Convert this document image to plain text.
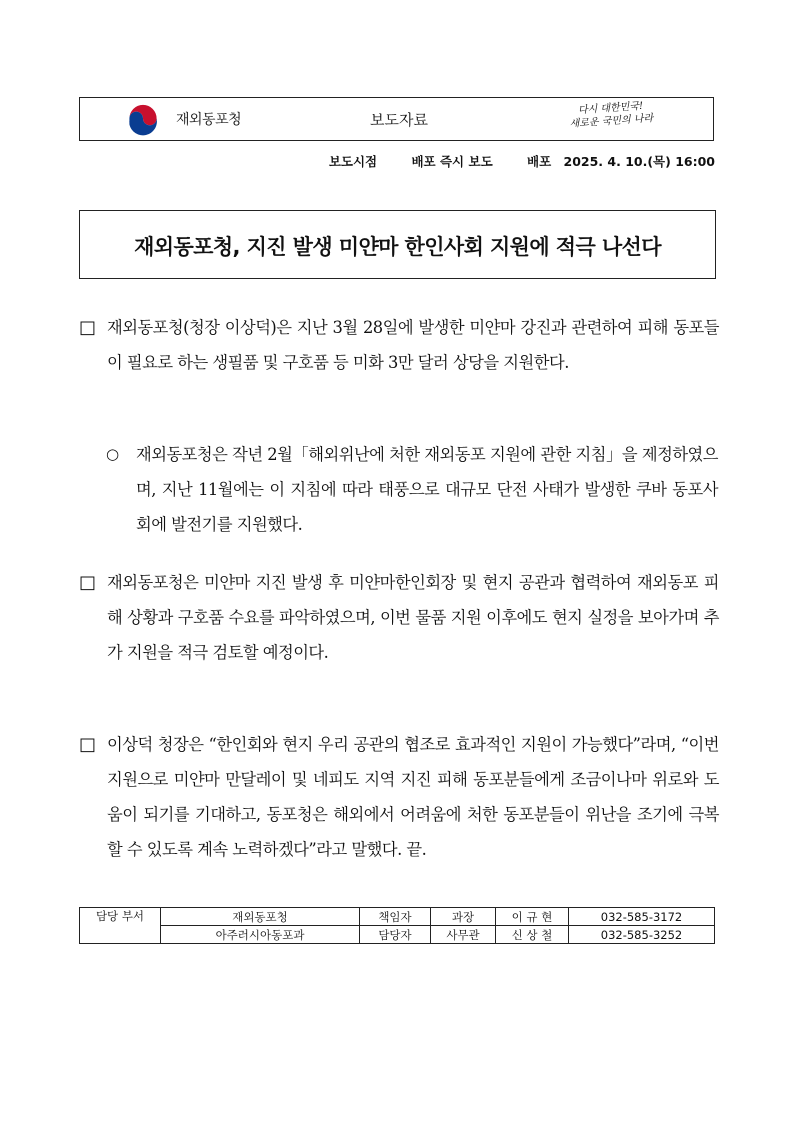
재외동포청	보도자료
다시 대한민국!
새로운 국민의 나라
보도시점	배포 즉시 보도	배포 2025. 4. 10.(목) 16:00
재외동포청, 지진 발생 미얀마 한인사회 지원에 적극 나선다
□ 재외동포청(청장 이상덕)은 지난 3월 28일에 발생한 미얀마 강진과 관련하여 피해 동포들이 필요로 하는 생필품 및 구호품 등 미화 3만 달러 상당을 지원한다.
○ 재외동포청은 작년 2월「해외위난에 처한 재외동포 지원에 관한 지침」을 제정하였으며, 지난 11월에는 이 지침에 따라 태풍으로 대규모 단전 사태가 발생한 쿠바 동포사회에 발전기를 지원했다.
□ 재외동포청은 미얀마 지진 발생 후 미얀마한인회장 및 현지 공관과 협력하여 재외동포 피해 상황과 구호품 수요를 파악하였으며, 이번 물품 지원 이후에도 현지 실정을 보아가며 추가 지원을 적극 검토할 예정이다.
□ 이상덕 청장은 “한인회와 현지 우리 공관의 협조로 효과적인 지원이 가능했다”라며, “이번 지원으로 미얀마 만달레이 및 네피도 지역 지진 피해 동포분들에게 조금이나마 위로와 도움이 되기를 기대하고, 동포청은 해외에서 어려움에 처한 동포분들이 위난을 조기에 극복할 수 있도록 계속 노력하겠다”라고 말했다. 끝.
담당 부서	재외동포청	책임자	과장	이 규 현	032-585-3172
	아주러시아동포과	담당자	사무관	신 상 철	032-585-3252
